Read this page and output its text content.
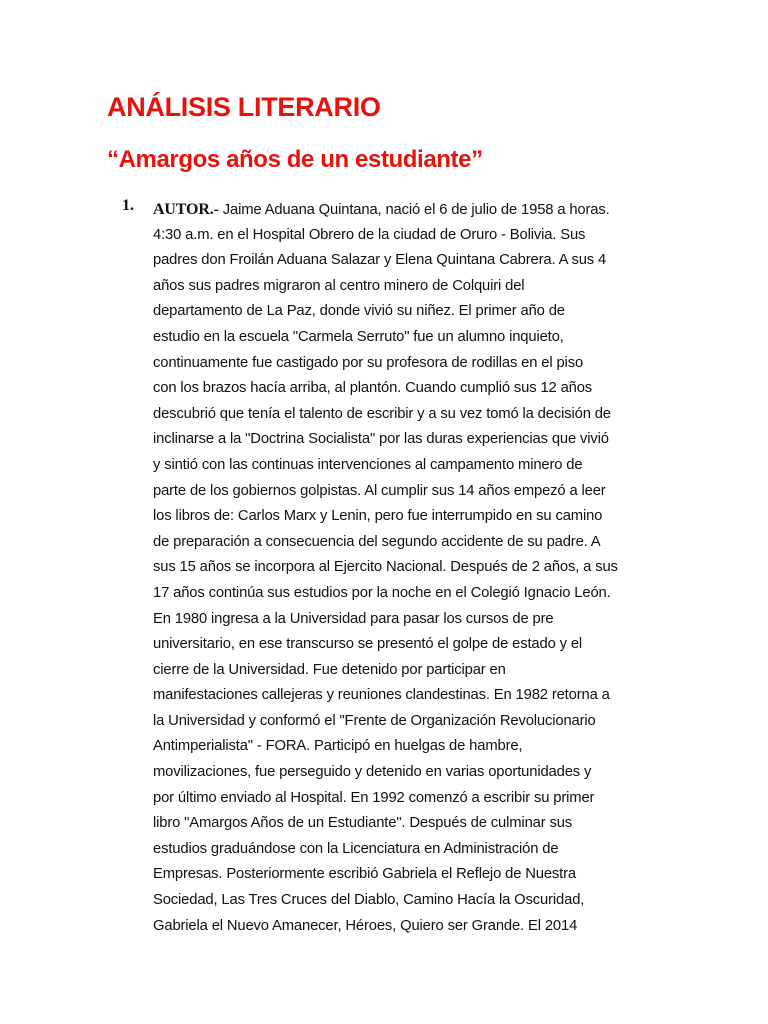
ANÁLISIS LITERARIO
“Amargos años de un estudiante”
1. AUTOR.- Jaime Aduana Quintana, nació el 6 de julio de 1958 a horas.
4:30 a.m. en el Hospital Obrero de la ciudad de Oruro - Bolivia. Sus
padres don Froilán Aduana Salazar y Elena Quintana Cabrera. A sus 4
años sus padres migraron al centro minero de Colquiri del
departamento de La Paz, donde vivió su niñez. El primer año de
estudio en la escuela "Carmela Serruto" fue un alumno inquieto,
continuamente fue castigado por su profesora de rodillas en el piso
con los brazos hacía arriba, al plantón. Cuando cumplió sus 12 años
descubrió que tenía el talento de escribir y a su vez tomó la decisión de
inclinarse a la "Doctrina Socialista" por las duras experiencias que vivió
y sintió con las continuas intervenciones al campamento minero de
parte de los gobiernos golpistas. Al cumplir sus 14 años empezó a leer
los libros de: Carlos Marx y Lenin, pero fue interrumpido en su camino
de preparación a consecuencia del segundo accidente de su padre. A
sus 15 años se incorpora al Ejercito Nacional. Después de 2 años, a sus
17 años continúa sus estudios por la noche en el Colegió Ignacio León.
En 1980 ingresa a la Universidad para pasar los cursos de pre
universitario, en ese transcurso se presentó el golpe de estado y el
cierre de la Universidad. Fue detenido por participar en
manifestaciones callejeras y reuniones clandestinas. En 1982 retorna a
la Universidad y conformó el "Frente de Organización Revolucionario
Antimperialista" - FORA. Participó en huelgas de hambre,
movilizaciones, fue perseguido y detenido en varias oportunidades y
por último enviado al Hospital. En 1992 comenzó a escribir su primer
libro "Amargos Años de un Estudiante". Después de culminar sus
estudios graduándose con la Licenciatura en Administración de
Empresas. Posteriormente escribió Gabriela el Reflejo de Nuestra
Sociedad, Las Tres Cruces del Diablo, Camino Hacía la Oscuridad,
Gabriela el Nuevo Amanecer, Héroes, Quiero ser Grande. El 2014
